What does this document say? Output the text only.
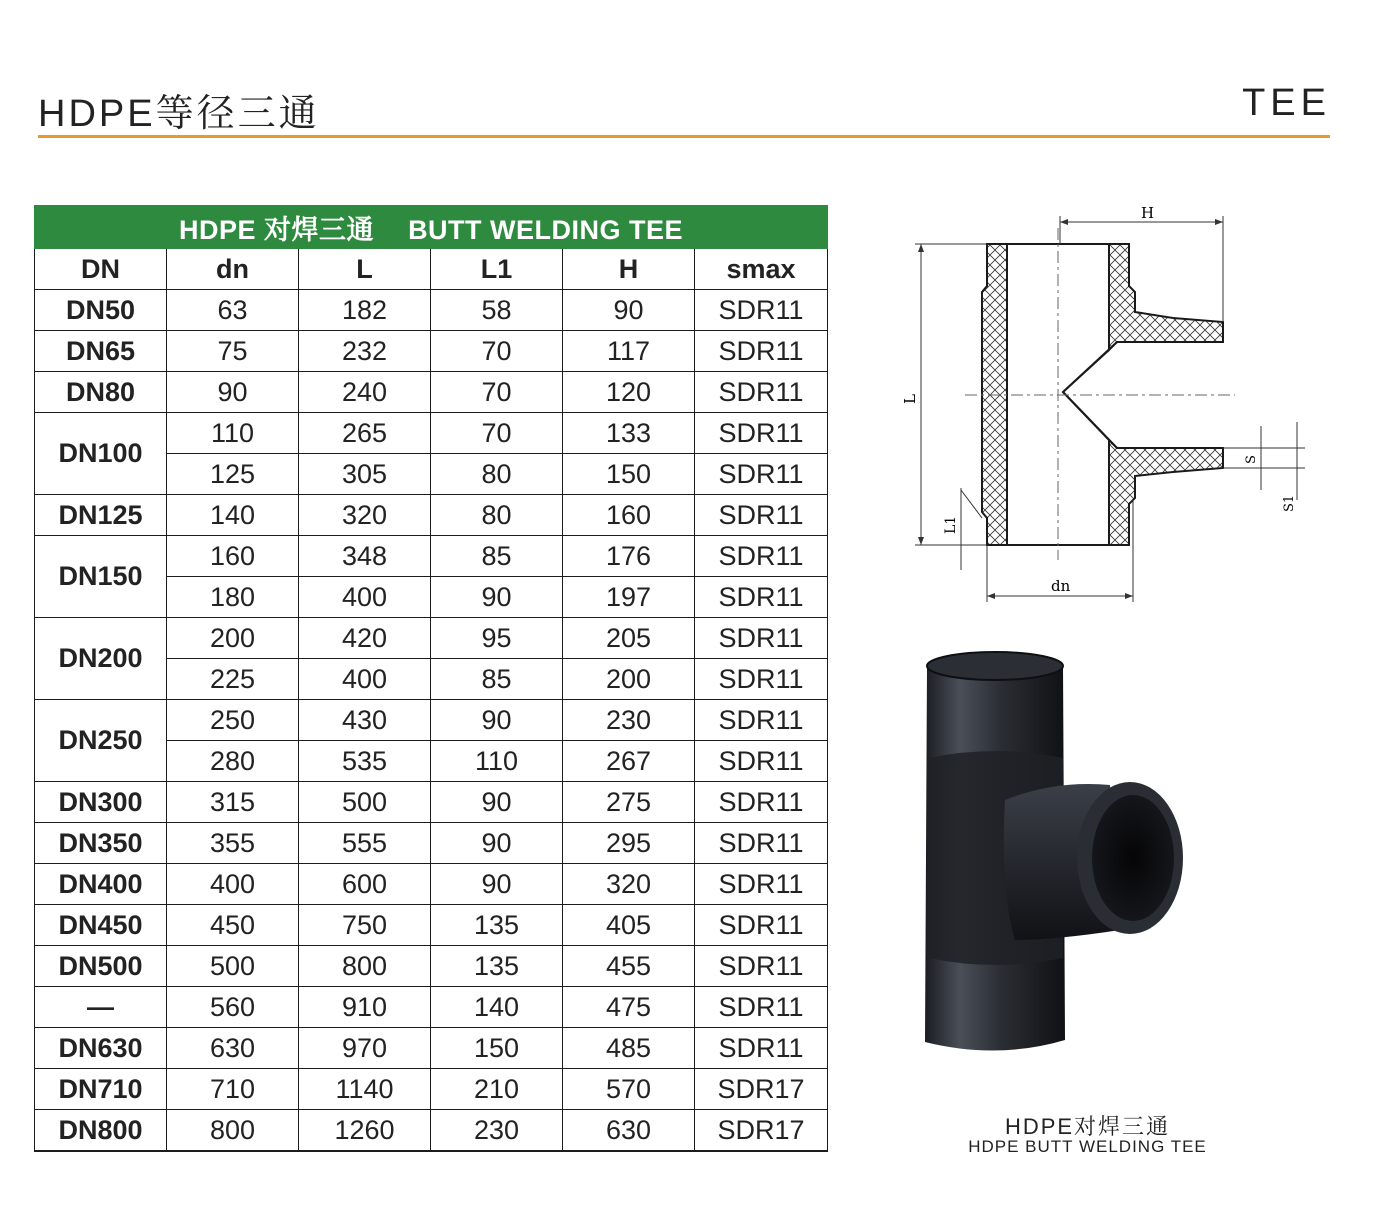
HDPE等径三通	TEE
HDPE 对焊三通 BUTT WELDING TEE					
DN	dn	L	L1	H	smax
DN50	63	182	58	90	SDR11
DN65	75	232	70	117	SDR11
DN80	90	240	70	120	SDR11
DN100	110	265	70	133	SDR11
	125	305	80	150	SDR11
DN125	140	320	80	160	SDR11
DN150	160	348	85	176	SDR11
	180	400	90	197	SDR11
DN200	200	420	95	205	SDR11
	225	400	85	200	SDR11
DN250	250	430	90	230	SDR11
	280	535	110	267	SDR11
DN300	315	500	90	275	SDR11
DN350	355	555	90	295	SDR11
DN400	400	600	90	320	SDR11
DN450	450	750	135	405	SDR11
DN500	500	800	135	455	SDR11
—	560	910	140	475	SDR11
DN630	630	970	150	485	SDR11
DN710	710	1140	210	570	SDR17
DN800	800	1260	230	630	SDR17
H
L
L1
dn
S
S1
HDPE对焊三通
HDPE BUTT WELDING TEE
